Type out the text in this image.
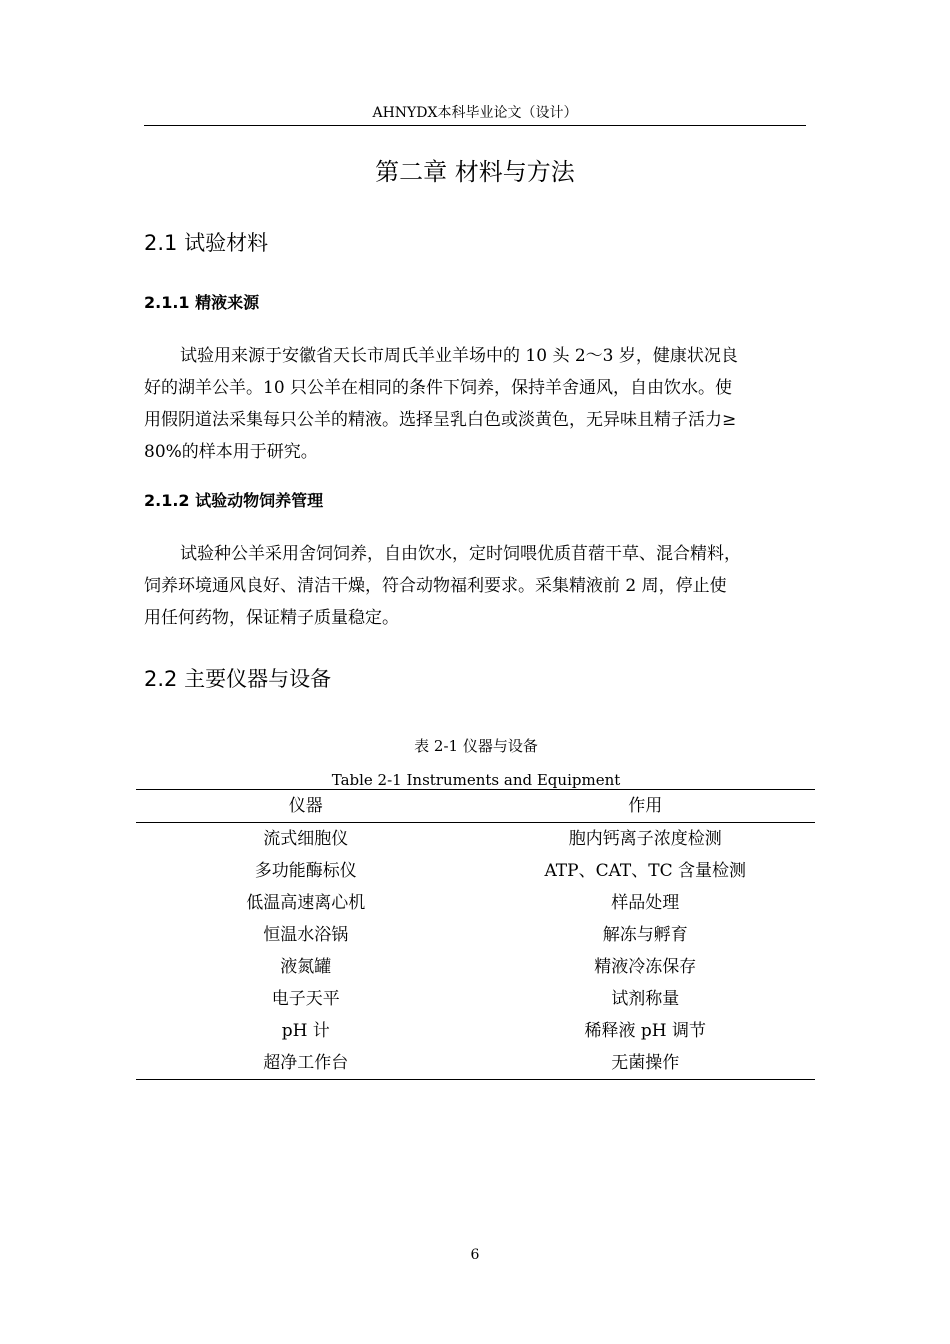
AHNYDX本科毕业论文（设计）
第二章 材料与方法
2.1 试验材料
2.1.1 精液来源
试验用来源于安徽省天长市周氏羊业羊场中的 10 头 2～3 岁，健康状况良
好的湖羊公羊。10 只公羊在相同的条件下饲养，保持羊舍通风，自由饮水。使
用假阴道法采集每只公羊的精液。选择呈乳白色或淡黄色，无异味且精子活力≥
80%的样本用于研究。
2.1.2 试验动物饲养管理
试验种公羊采用舍饲饲养，自由饮水，定时饲喂优质苜蓿干草、混合精料，
饲养环境通风良好、清洁干燥，符合动物福利要求。采集精液前 2 周，停止使
用任何药物，保证精子质量稳定。
2.2 主要仪器与设备
表 2-1 仪器与设备
Table 2-1 Instruments and Equipment
仪器	作用
流式细胞仪	胞内钙离子浓度检测
多功能酶标仪	ATP、CAT、TC 含量检测
低温高速离心机	样品处理
恒温水浴锅	解冻与孵育
液氮罐	精液冷冻保存
电子天平	试剂称量
pH 计	稀释液 pH 调节
超净工作台	无菌操作
6
